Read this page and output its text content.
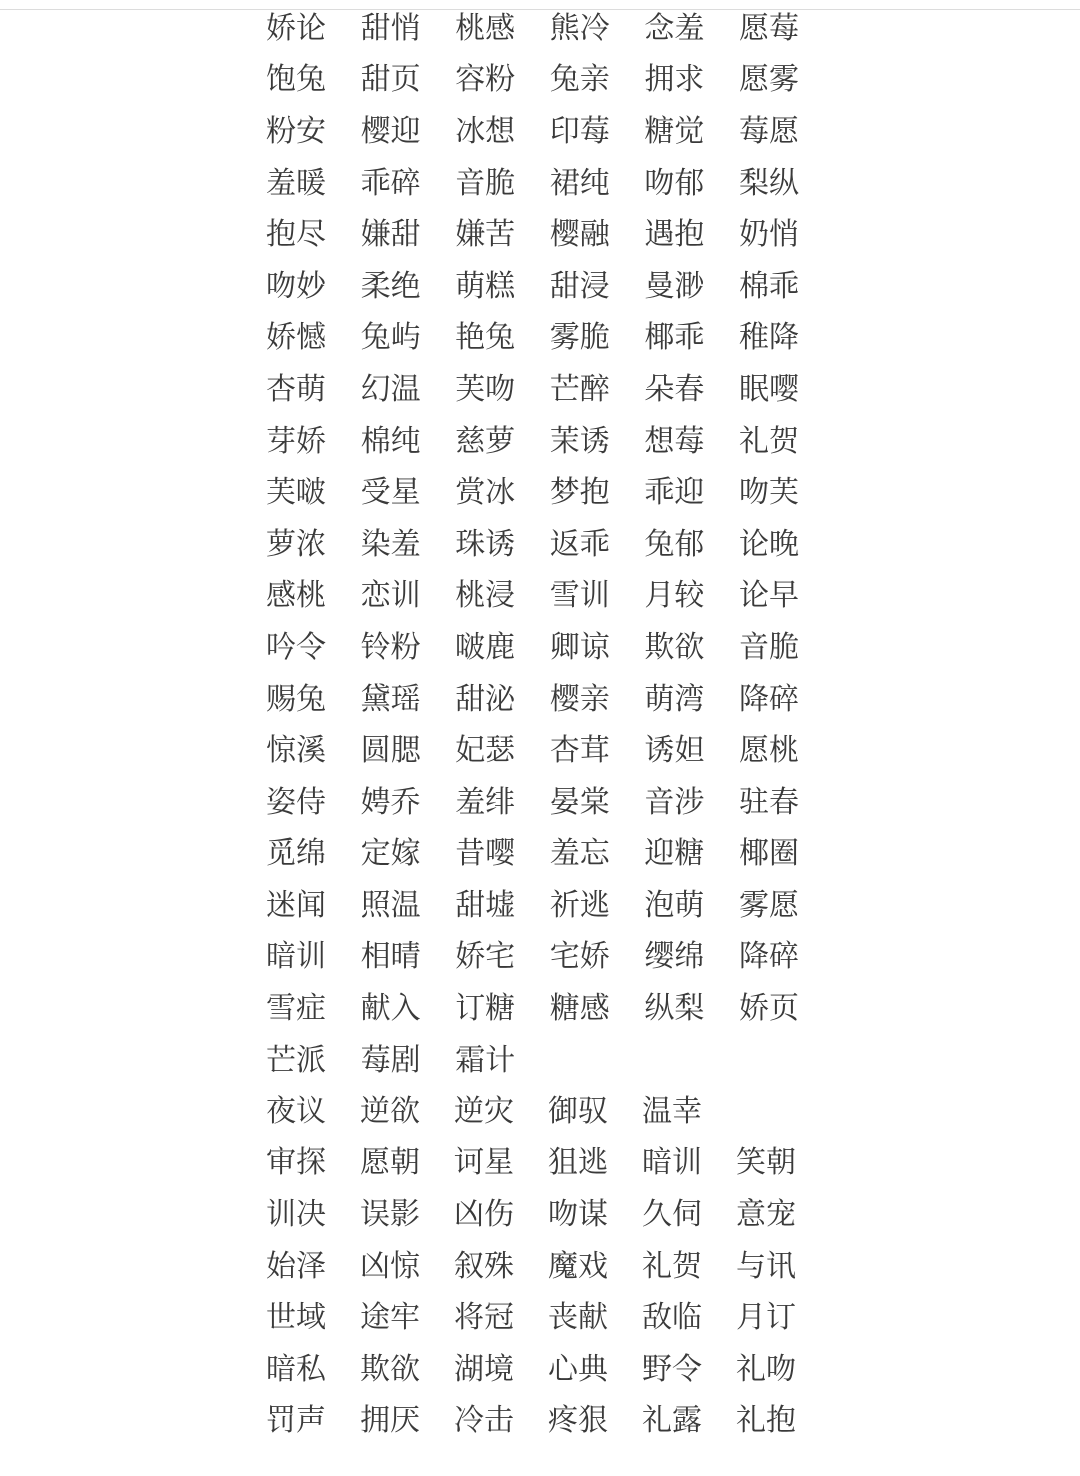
娇论	甜悄	桃感	熊冷	念羞	愿莓
饱兔	甜页	容粉	兔亲	拥求	愿雾
粉安	樱迎	冰想	印莓	糖觉	莓愿
羞暖	乖碎	音脆	裙纯	吻郁	梨纵
抱尽	嫌甜	嫌苦	樱融	遇抱	奶悄
吻妙	柔绝	萌糕	甜浸	曼渺	棉乖
娇憾	兔屿	艳兔	雾脆	椰乖	稚降
杏萌	幻温	芙吻	芒醉	朵春	眠嘤
芽娇	棉纯	慈萝	茉诱	想莓	礼贺
芙啵	受星	赏冰	梦抱	乖迎	吻芙
萝浓	染羞	珠诱	返乖	兔郁	论晚
感桃	恋训	桃浸	雪训	月较	论早
吟令	铃粉	啵鹿	卿谅	欺欲	音脆
赐兔	黛瑶	甜泌	樱亲	萌湾	降碎
惊溪	圆腮	妃瑟	杏茸	诱妲	愿桃
姿侍	娉乔	羞绯	晏棠	音涉	驻春
觅绵	定嫁	昔嘤	羞忘	迎糖	椰圈
迷闻	照温	甜墟	祈逃	泡萌	雾愿
暗训	相晴	娇宅	宅娇	缨绵	降碎
雪症	献入	订糖	糖感	纵梨	娇页
芒派	莓剧	霜计
夜议	逆欲	逆灾	御驭	温幸
审探	愿朝	诃星	狙逃	暗训	笑朝
训决	误影	凶伤	吻谋	久伺	意宠
始泽	凶惊	叙殊	魔戏	礼贺	与讯
世域	途牢	将冠	丧献	敌临	月订
暗私	欺欲	湖境	心典	野令	礼吻
罚声	拥厌	冷击	疼狠	礼露	礼抱
